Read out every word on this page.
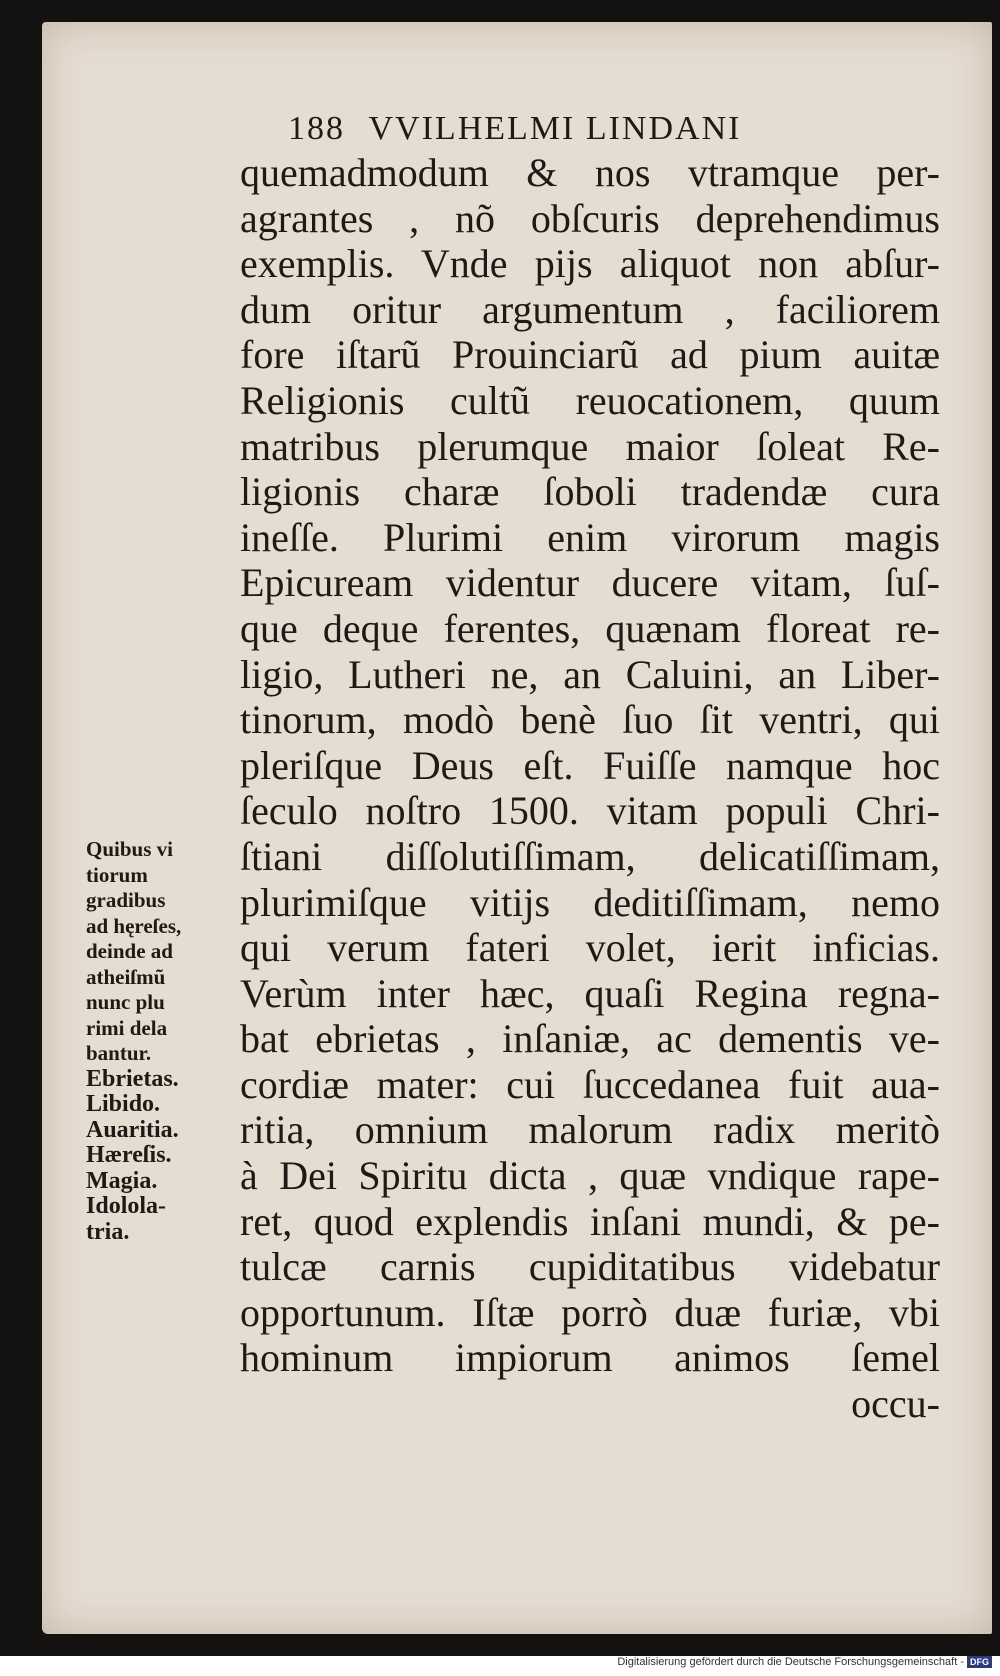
188 VVILHELMI LINDANI
quemadmodum & nos vtramque per-
agrantes , nõ obſcuris deprehendimus
exemplis. Vnde pijs aliquot non abſur-
dum oritur argumentum , faciliorem
fore iſtarũ Prouinciarũ ad pium auitæ
Religionis cultũ reuocationem, quum
matribus plerumque maior ſoleat Re-
ligionis charæ ſoboli tradendæ cura
ineſſe. Plurimi enim virorum magis
Epicuream videntur ducere vitam, ſuſ-
que deque ferentes, quænam floreat re-
ligio, Lutheri ne, an Caluini, an Liber-
tinorum, modò benè ſuo ſit ventri, qui
pleriſque Deus eſt. Fuiſſe namque hoc
ſeculo noſtro 1500. vitam populi Chri-
ſtiani diſſolutiſſimam, delicatiſſimam,
plurimiſque vitijs deditiſſimam, nemo
qui verum fateri volet, ierit inficias.
Verùm inter hæc, quaſi Regina regna-
bat ebrietas , inſaniæ, ac dementis ve-
cordiæ mater: cui ſuccedanea fuit aua-
ritia, omnium malorum radix meritò
à Dei Spiritu dicta , quæ vndique rape-
ret, quod explendis inſani mundi, & pe-
tulcæ carnis cupiditatibus videbatur
opportunum. Iſtæ porrò duæ furiæ, vbi
hominum impiorum animos ſemel
occu-
Quibus vi
tiorum
gradibus
ad hęreſes,
deinde ad
atheiſmũ
nunc plu
rimi dela
bantur.
Ebrietas.
Libido.
Auaritia.
Hæreſis.
Magia.
Idolola-
tria.
Digitalisierung gefördert durch die Deutsche Forschungsgemeinschaft - DFG
